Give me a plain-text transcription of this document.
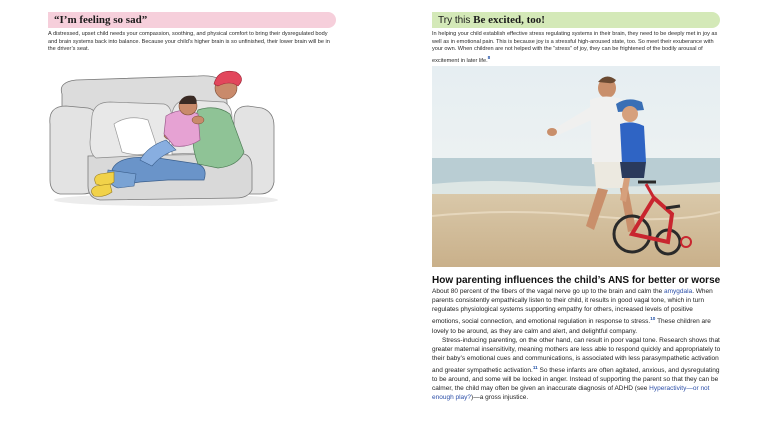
“I’m feeling so sad”
A distressed, upset child needs your compassion, soothing, and physical comfort to bring their dysregulated body and brain systems back into balance. Because your child’s higher brain is so unfinished, their lower brain will be in the driver’s seat.
Try this Be excited, too!
In helping your child establish effective stress regulating systems in their brain, they need to be deeply met in joy as well as in emotional pain. This is because joy is a stressful high-aroused state, too. So meet their exuberance with your own. When children are not helped with the “stress” of joy, they can be frightened of the bodily arousal of excitement in later life.$^8$
How parenting influences the child’s ANS for better or worse

About 80 percent of the fibers of the vagal nerve go up to the brain and calm the amygdala. When parents consistently empathically listen to their child, it results in good vagal tone, which in turn regulates physiological systems supporting empathy for others, increased levels of positive emotions, social connection, and emotional regulation in response to stress.$^{10}$ These children are lovely to be around, as they are calm and alert, and delightful company.

Stress-inducing parenting, on the other hand, can result in poor vagal tone. Research shows that greater maternal insensitivity, meaning mothers are less able to respond quickly and appropriately to their baby’s emotional cues and communications, is associated with less parasympathetic activation and greater sympathetic activation.$^{11}$ So these infants are often agitated, anxious, and dysregulating to be around, and some will be locked in anger. Instead of supporting the parent so that they can be calmer, the child may often be given an inaccurate diagnosis of ADHD (see Hyperactivity—or not enough play?)—a gross injustice.
